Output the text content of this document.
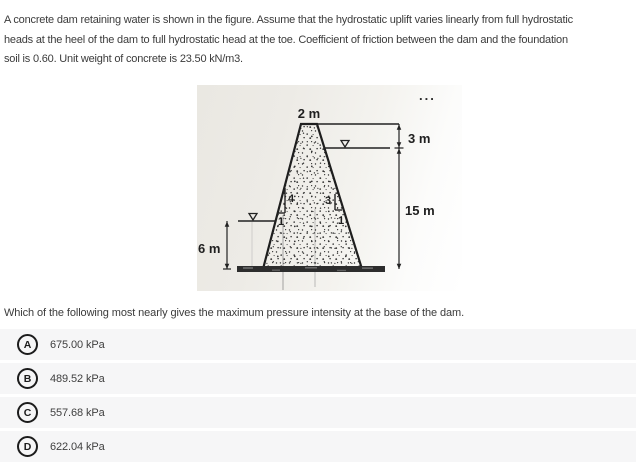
A concrete dam retaining water is shown in the figure. Assume that the hydrostatic uplift varies linearly from full hydrostatic
heads at the heel of the dam to full hydrostatic head at the toe. Coefficient of friction between the dam and the foundation
soil is 0.60. Unit weight of concrete is 23.50 kN/m3.
4
1
3
1
2 m
3 m
15 m
6 m
...
Which of the following most nearly gives the maximum pressure intensity at the base of the dam.
A 675.00 kPa
B 489.52 kPa
C 557.68 kPa
D 622.04 kPa
